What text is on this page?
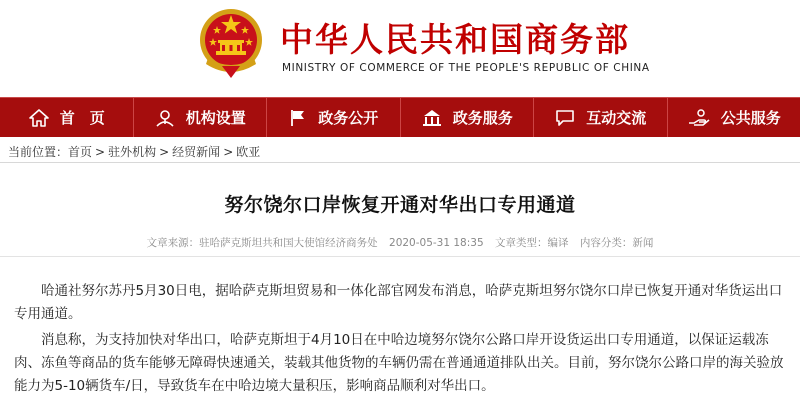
中华人民共和国商务部
MINISTRY OF COMMERCE OF THE PEOPLE'S REPUBLIC OF CHINA
首　页	机构设置	政务公开	政务服务	互动交流	公共服务
当前位置：首页 > 驻外机构 > 经贸新闻 > 欧亚
努尔饶尔口岸恢复开通对华出口专用通道
文章来源：驻哈萨克斯坦共和国大使馆经济商务处 2020-05-31 18:35 文章类型：编译 内容分类：新闻

哈通社努尔苏丹5月30日电，据哈萨克斯坦贸易和一体化部官网发布消息，哈萨克斯坦努尔饶尔口岸已恢复开通对华货运出口专用通道。

消息称，为支持加快对华出口，哈萨克斯坦于4月10日在中哈边境努尔饶尔公路口岸开设货运出口专用通道，以保证运载冻肉、冻鱼等商品的货车能够无障碍快速通关，装载其他货物的车辆仍需在普通通道排队出关。目前，努尔饶尔公路口岸的海关验放能力为5-10辆货车/日，导致货车在中哈边境大量积压，影响商品顺利对华出口。
